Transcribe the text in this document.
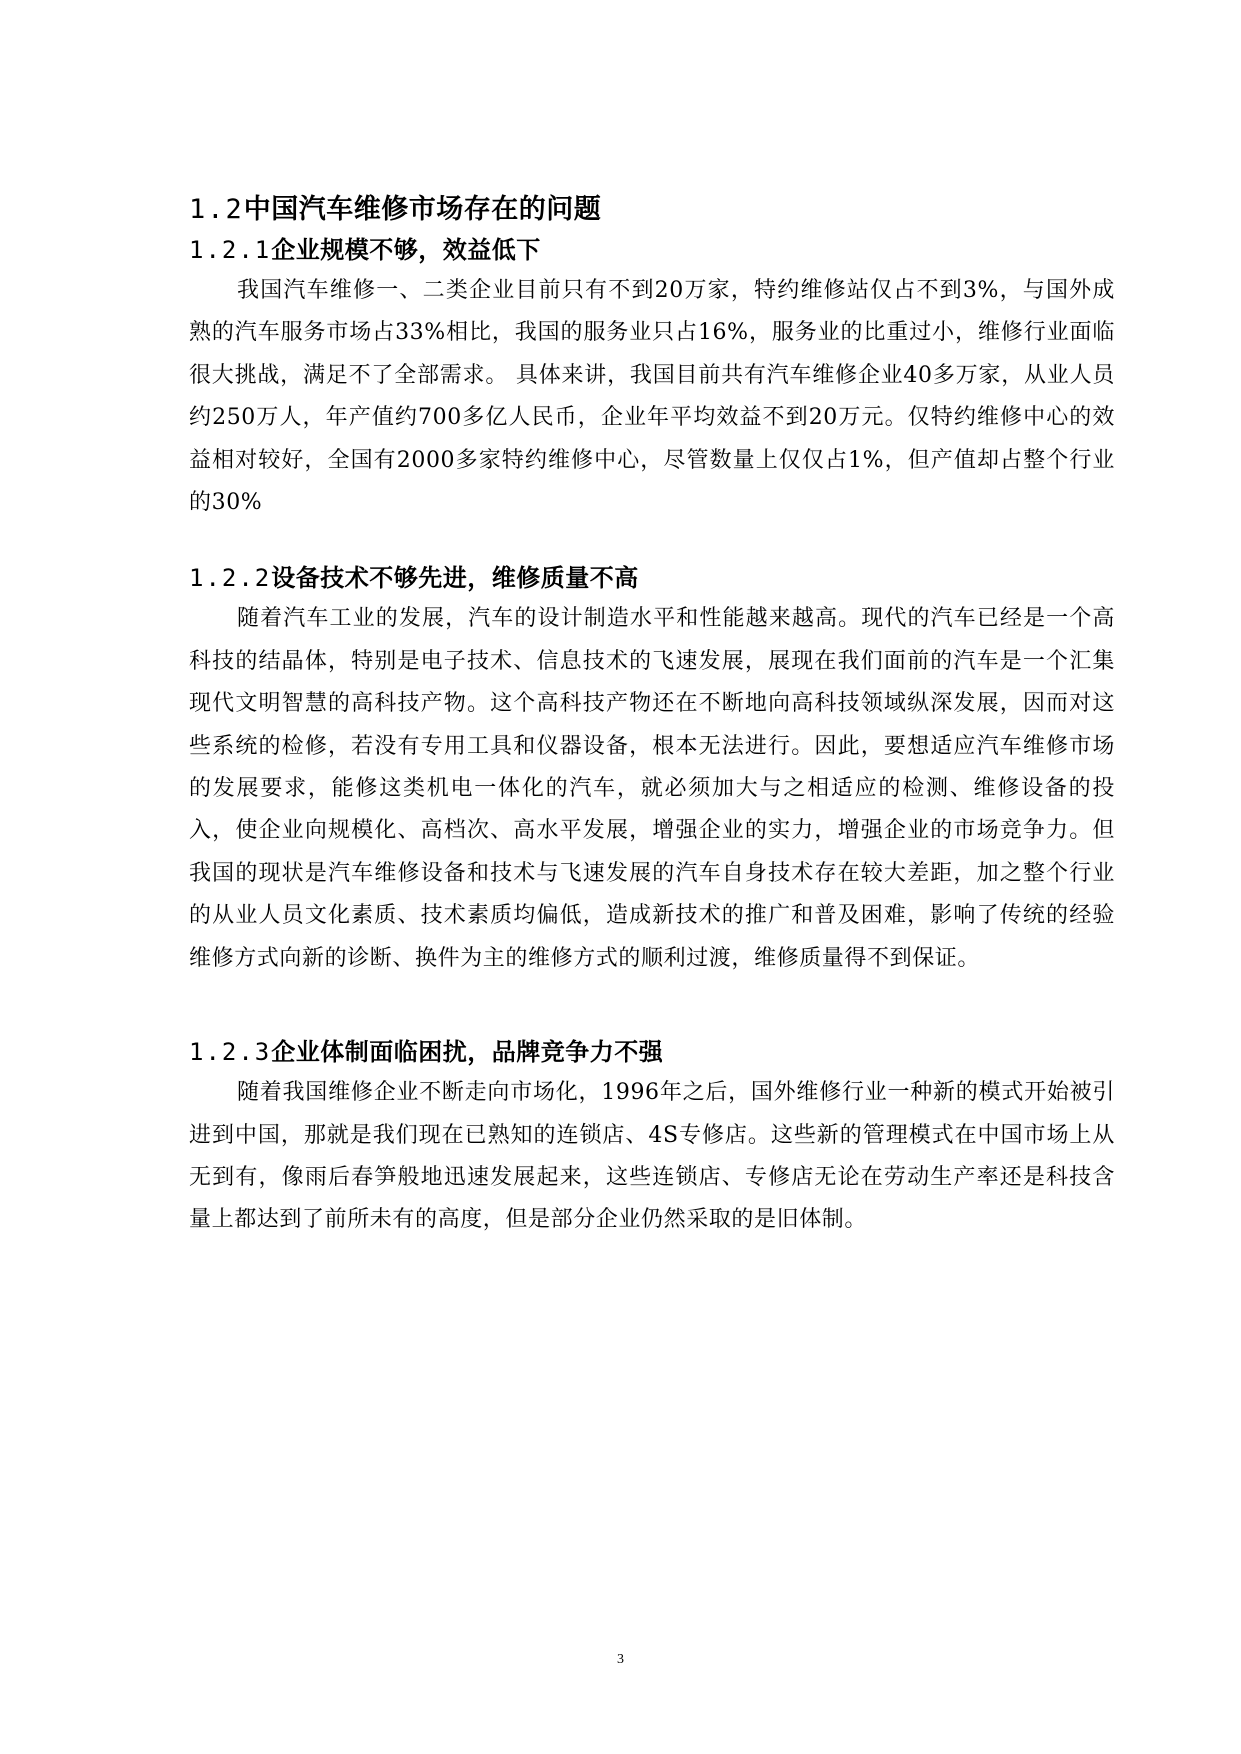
1.2中国汽车维修市场存在的问题
1.2.1企业规模不够，效益低下

我国汽车维修一、二类企业目前只有不到20万家，特约维修站仅占不到3%，与国外成熟的汽车服务市场占33%相比，我国的服务业只占16%，服务业的比重过小，维修行业面临很大挑战，满足不了全部需求。 具体来讲，我国目前共有汽车维修企业40多万家，从业人员约250万人，年产值约700多亿人民币，企业年平均效益不到20万元。仅特约维修中心的效益相对较好，全国有2000多家特约维修中心，尽管数量上仅仅占1%，但产值却占整个行业的30%

1.2.2设备技术不够先进，维修质量不高

随着汽车工业的发展，汽车的设计制造水平和性能越来越高。现代的汽车已经是一个高科技的结晶体，特别是电子技术、信息技术的飞速发展，展现在我们面前的汽车是一个汇集现代文明智慧的高科技产物。这个高科技产物还在不断地向高科技领域纵深发展，因而对这些系统的检修，若没有专用工具和仪器设备，根本无法进行。因此，要想适应汽车维修市场的发展要求，能修这类机电一体化的汽车，就必须加大与之相适应的检测、维修设备的投入，使企业向规模化、高档次、高水平发展，增强企业的实力，增强企业的市场竞争力。但我国的现状是汽车维修设备和技术与飞速发展的汽车自身技术存在较大差距，加之整个行业的从业人员文化素质、技术素质均偏低，造成新技术的推广和普及困难，影响了传统的经验维修方式向新的诊断、换件为主的维修方式的顺利过渡，维修质量得不到保证。

1.2.3企业体制面临困扰，品牌竞争力不强

随着我国维修企业不断走向市场化，1996年之后，国外维修行业一种新的模式开始被引进到中国，那就是我们现在已熟知的连锁店、4S专修店。这些新的管理模式在中国市场上从无到有，像雨后春笋般地迅速发展起来，这些连锁店、专修店无论在劳动生产率还是科技含量上都达到了前所未有的高度，但是部分企业仍然采取的是旧体制。

3
